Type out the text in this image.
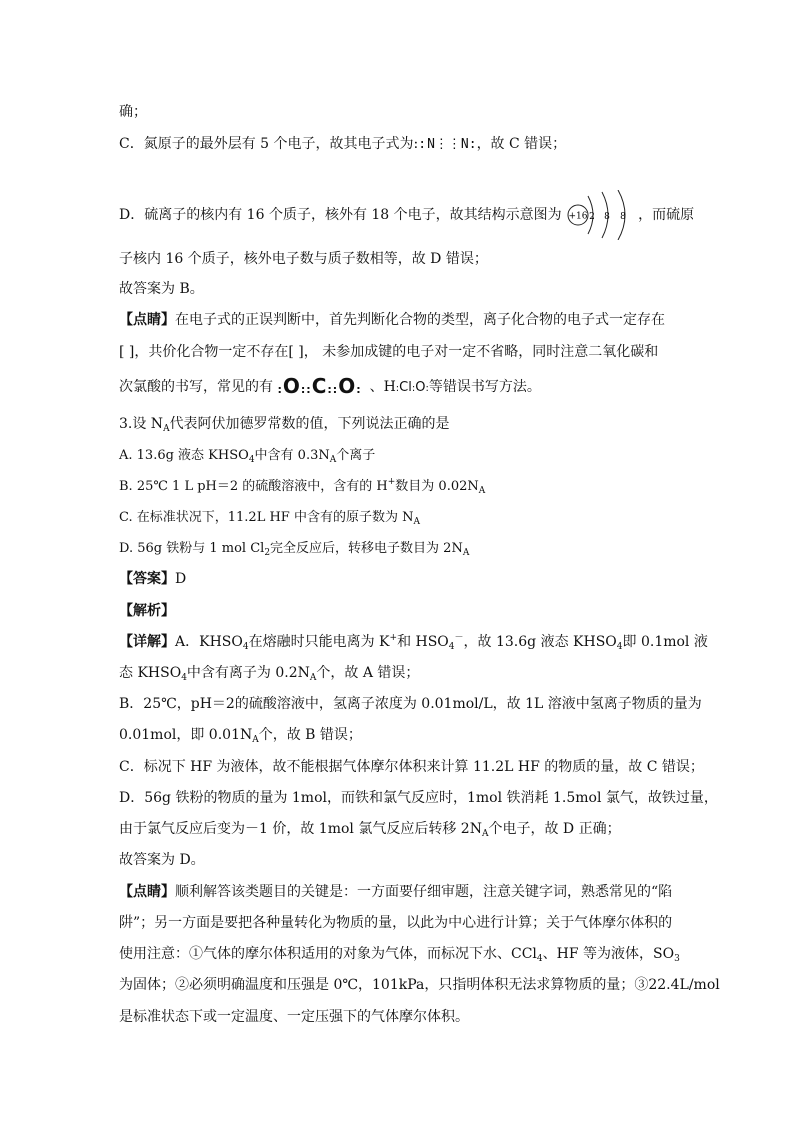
确；
C．氮原子的最外层有 5 个电子，故其电子式为::N⋮⋮N:，故 C 错误；
D．硫离子的核内有 16 个质子，核外有 18 个电子，故其结构示意图为 +16 2 8 8 ，而硫原
子核内 16 个质子，核外电子数与质子数相等，故 D 错误；
故答案为 B。
【点睛】在电子式的正误判断中，首先判断化合物的类型，离子化合物的电子式一定存在
[ ]，共价化合物一定不存在[ ]， 未参加成键的电子对一定不省略，同时注意二氧化碳和
次氯酸的书写，常见的有 :O::C::O: 、H:Cl:O:等错误书写方法。
3.设 $N_A$代表阿伏加德罗常数的值，下列说法正确的是
A. 13.6g 液态 $KHSO_4$中含有 $0.3N_A$个离子
B. 25℃ 1 L pH＝2 的硫酸溶液中，含有的 H+数目为 $0.02N_A$
C. 在标准状况下，11.2L HF 中含有的原子数为 $N_A$
D. 56g 铁粉与 1 mol $Cl_2$完全反应后，转移电子数目为 $2N_A$
【答案】D
【解析】
【详解】A．$KHSO_4$在熔融时只能电离为 K+和 $HSO_4^-$，故 13.6g 液态 $KHSO_4$即 0.1mol 液
态 $KHSO_4$中含有离子为 $0.2N_A$个，故 A 错误；
B．25℃，pH＝2的硫酸溶液中，氢离子浓度为 0.01mol/L，故 1L 溶液中氢离子物质的量为
0.01mol，即 $0.01N_A$个，故 B 错误；
C．标况下 HF 为液体，故不能根据气体摩尔体积来计算 11.2L HF 的物质的量，故 C 错误；
D．56g 铁粉的物质的量为 1mol，而铁和氯气反应时，1mol 铁消耗 1.5mol 氯气，故铁过量，
由于氯气反应后变为－1 价，故 1mol 氯气反应后转移 $2N_A$个电子，故 D 正确；
故答案为 D。
【点睛】顺利解答该类题目的关键是：一方面要仔细审题，注意关键字词，熟悉常见的“陷
阱”；另一方面是要把各种量转化为物质的量，以此为中心进行计算；关于气体摩尔体积的
使用注意：①气体的摩尔体积适用的对象为气体，而标况下水、CCl$_4$、HF 等为液体，$SO_3$
为固体；②必须明确温度和压强是 0℃，101kPa，只指明体积无法求算物质的量；③22.4L/mol
是标准状态下或一定温度、一定压强下的气体摩尔体积。
